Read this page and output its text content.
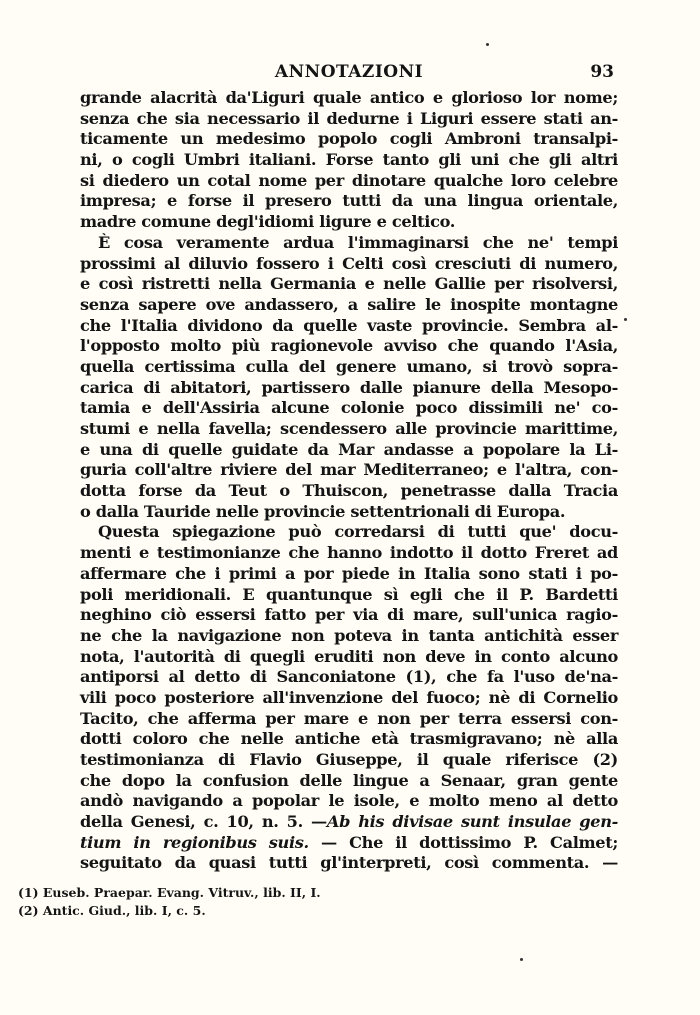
ANNOTAZIONI	93
grande alacrità da'Liguri quale antico e glorioso lor nome;
senza che sia necessario il dedurne i Liguri essere stati an-
ticamente un medesimo popolo cogli Ambroni transalpi-
ni, o cogli Umbri italiani. Forse tanto gli uni che gli altri
si diedero un cotal nome per dinotare qualche loro celebre
impresa; e forse il presero tutti da una lingua orientale,
madre comune degl'idiomi ligure e celtico.
È cosa veramente ardua l'immaginarsi che ne' tempi
prossimi al diluvio fossero i Celti così cresciuti di numero,
e così ristretti nella Germania e nelle Gallie per risolversi,
senza sapere ove andassero, a salire le inospite montagne
che l'Italia dividono da quelle vaste provincie. Sembra al-
l'opposto molto più ragionevole avviso che quando l'Asia,
quella certissima culla del genere umano, si trovò sopra-
carica di abitatori, partissero dalle pianure della Mesopo-
tamia e dell'Assiria alcune colonie poco dissimili ne' co-
stumi e nella favella; scendessero alle provincie marittime,
e una di quelle guidate da Mar andasse a popolare la Li-
guria coll'altre riviere del mar Mediterraneo; e l'altra, con-
dotta forse da Teut o Thuiscon, penetrasse dalla Tracia
o dalla Tauride nelle provincie settentrionali di Europa.
Questa spiegazione può corredarsi di tutti que' docu-
menti e testimonianze che hanno indotto il dotto Freret ad
affermare che i primi a por piede in Italia sono stati i po-
poli meridionali. E quantunque sì egli che il P. Bardetti
neghino ciò essersi fatto per via di mare, sull'unica ragio-
ne che la navigazione non poteva in tanta antichità esser
nota, l'autorità di quegli eruditi non deve in conto alcuno
antiporsi al detto di Sanconiatone (1), che fa l'uso de'na-
vili poco posteriore all'invenzione del fuoco; nè di Cornelio
Tacito, che afferma per mare e non per terra essersi con-
dotti coloro che nelle antiche età trasmigravano; nè alla
testimonianza di Flavio Giuseppe, il quale riferisce (2)
che dopo la confusion delle lingue a Senaar, gran gente
andò navigando a popolar le isole, e molto meno al detto
della Genesi, c. 10, n. 5. —Ab his divisae sunt insulae gen-
tium in regionibus suis. — Che il dottissimo P. Calmet;
seguitato da quasi tutti gl'interpreti, così commenta. —
(1) Euseb. Praepar. Evang. Vitruv., lib. II, I.
(2) Antic. Giud., lib. I, c. 5.
